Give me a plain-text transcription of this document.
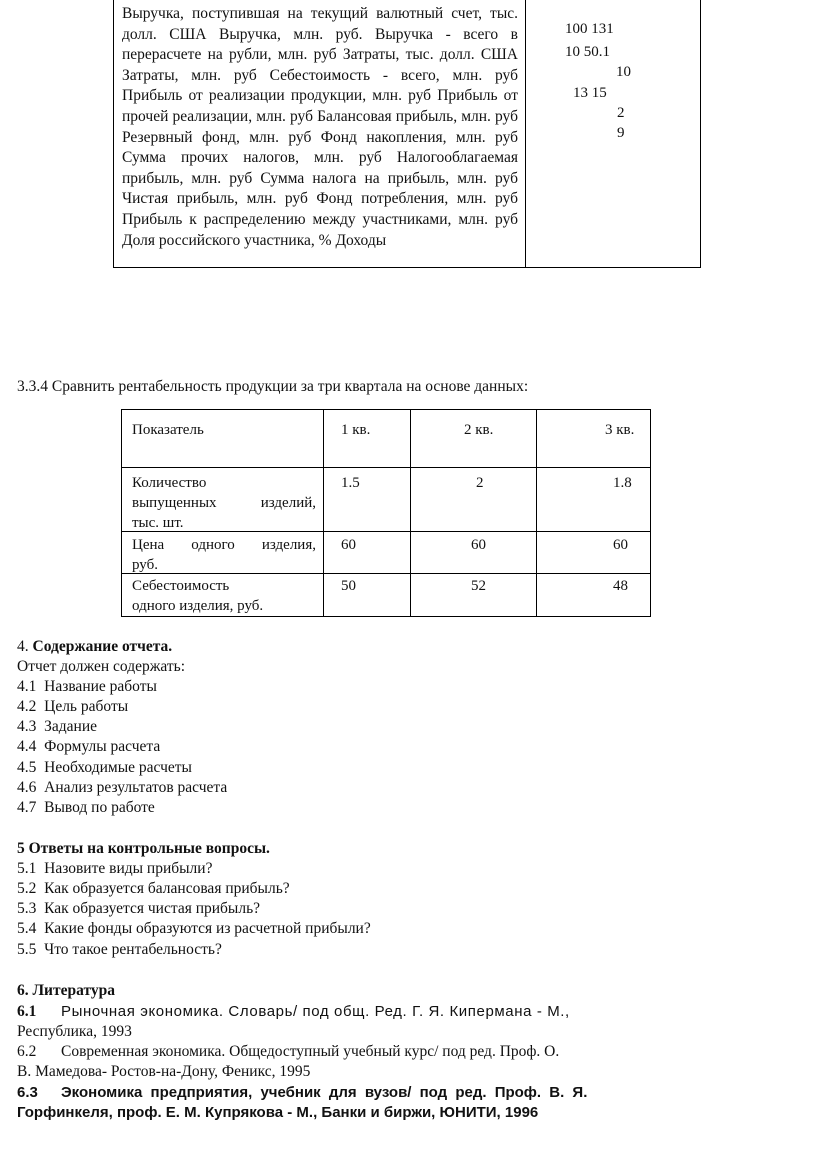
Выручка, поступившая на текущий валютный счет, тыс. долл. США Выручка, млн. руб. Выручка - всего в перерасчете на рубли, млн. руб Затраты, тыс. долл. США Затраты, млн. руб Себестоимость - всего, млн. руб Прибыль от реализации продукции, млн. руб Прибыль от прочей реализации, млн. руб Балансовая прибыль, млн. руб Резервный фонд, млн. руб Фонд накопления, млн. руб Сумма прочих налогов, млн. руб Налогооблагаемая прибыль, млн. руб Сумма налога на прибыль, млн. руб Чистая прибыль, млн. руб Фонд потребления, млн. руб Прибыль к распределению между участниками, млн. руб Доля российского участника, % Доходы
100 131
10 50.1
10
13 15
2
9
3.3.4 Сравнить рентабельность продукции за три квартала на основе данных:
Показатель	1 кв.	2 кв.	3 кв.
Количество
выпущенных изделий,
тыс. шт.
1.5	2	1.8
Цена одного изделия,
руб.
60	60	60
Себестоимость
одного изделия, руб.
50	52	48
4. Содержание отчета.
Отчет должен содержать:
4.1  Название работы
4.2  Цель работы
4.3  Задание
4.4  Формулы расчета
4.5  Необходимые расчеты
4.6  Анализ результатов расчета
4.7  Вывод по работе
5 Ответы на контрольные вопросы.
5.1  Назовите виды прибыли?
5.2  Как образуется балансовая прибыль?
5.3  Как образуется чистая прибыль?
5.4  Какие фонды образуются из расчетной прибыли?
5.5  Что такое рентабельность?
6. Литература
6.1 Рыночная экономика. Словарь/ под общ. Ред. Г. Я. Кипермана - М.,
Республика, 1993
6.2 Современная экономика. Общедоступный учебный курс/ под ред. Проф. О.
В. Мамедова- Ростов-на-Дону, Феникс, 1995
6.3 Экономика предприятия, учебник для вузов/ под ред. Проф. В. Я.
Горфинкеля, проф. Е. М. Купрякова - М., Банки и биржи, ЮНИТИ, 1996
